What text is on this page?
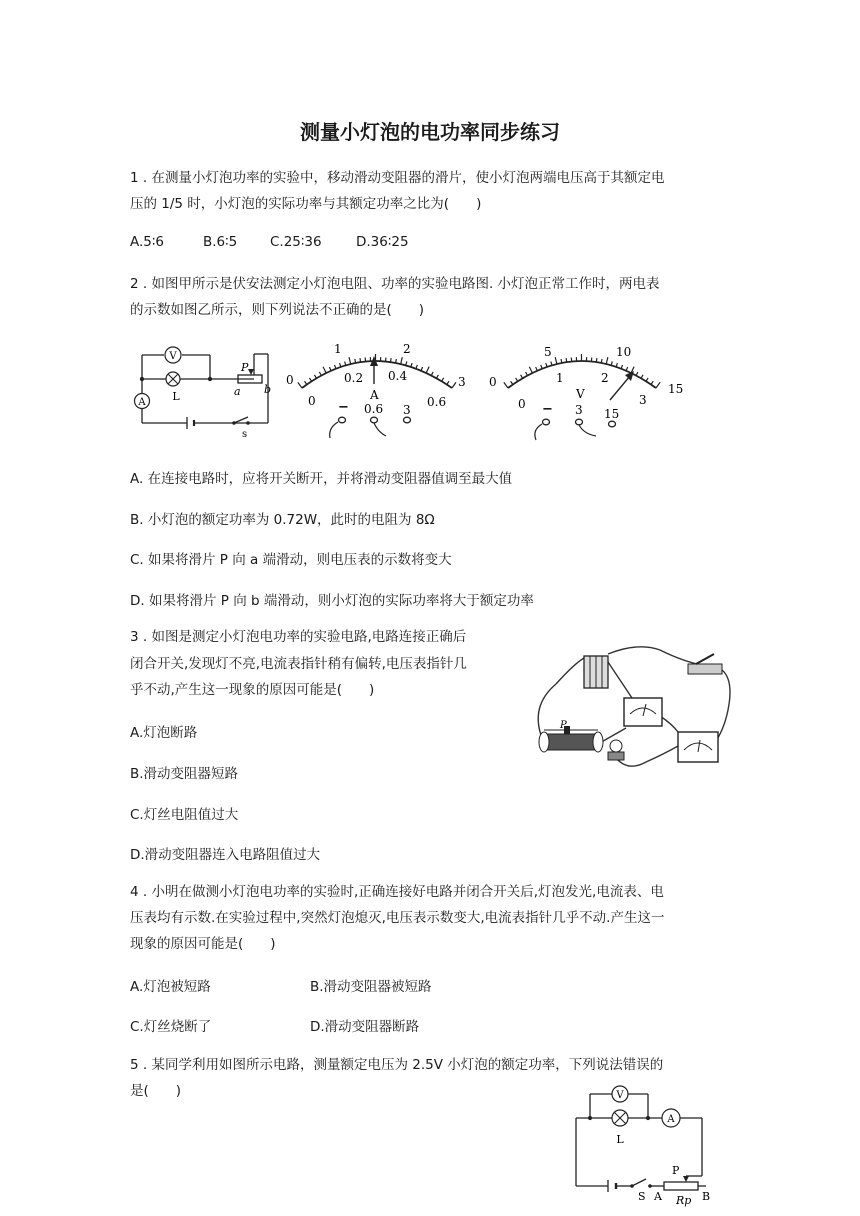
测量小灯泡的电功率同步练习
1 . 在测量小灯泡功率的实验中，移动滑动变阻器的滑片，使小灯泡两端电压高于其额定电
压的 1/5 时，小灯泡的实际功率与其额定功率之比为(　　)
A.5∶6	B.6∶5 C.25∶36	D.36∶25
2 . 如图甲所示是伏安法测定小灯泡电阻、功率的实验电路图. 小灯泡正常工作时，两电表
的示数如图乙所示，则下列说法不正确的是(　　)
V
L
A
P
a b
s
0
1	2
3
0
0.2 0.4
0.6
A
− 0.6 3
0
5	10
15
0
1	2
3
V
− 3 15
A. 在连接电路时，应将开关断开，并将滑动变阻器值调至最大值
B. 小灯泡的额定功率为 0.72W，此时的电阻为 8Ω
C. 如果将滑片 P 向 a 端滑动，则电压表的示数将变大
D. 如果将滑片 P 向 b 端滑动，则小灯泡的实际功率将大于额定功率
3 . 如图是测定小灯泡电功率的实验电路,电路连接正确后
闭合开关,发现灯不亮,电流表指针稍有偏转,电压表指针几
乎不动,产生这一现象的原因可能是(　　)
P
A.灯泡断路
B.滑动变阻器短路
C.灯丝电阻值过大
D.滑动变阻器连入电路阻值过大
4 . 小明在做测小灯泡电功率的实验时,正确连接好电路并闭合开关后,灯泡发光,电流表、电
压表均有示数.在实验过程中,突然灯泡熄灭,电压表示数变大,电流表指针几乎不动.产生这一
现象的原因可能是(　　)
A.灯泡被短路	B.滑动变阻器被短路
C.灯丝烧断了	D.滑动变阻器断路
5 . 某同学利用如图所示电路，测量额定电压为 2.5V 小灯泡的额定功率，下列说法错误的
是(　　)	V
L
A
P
S A Rp B
